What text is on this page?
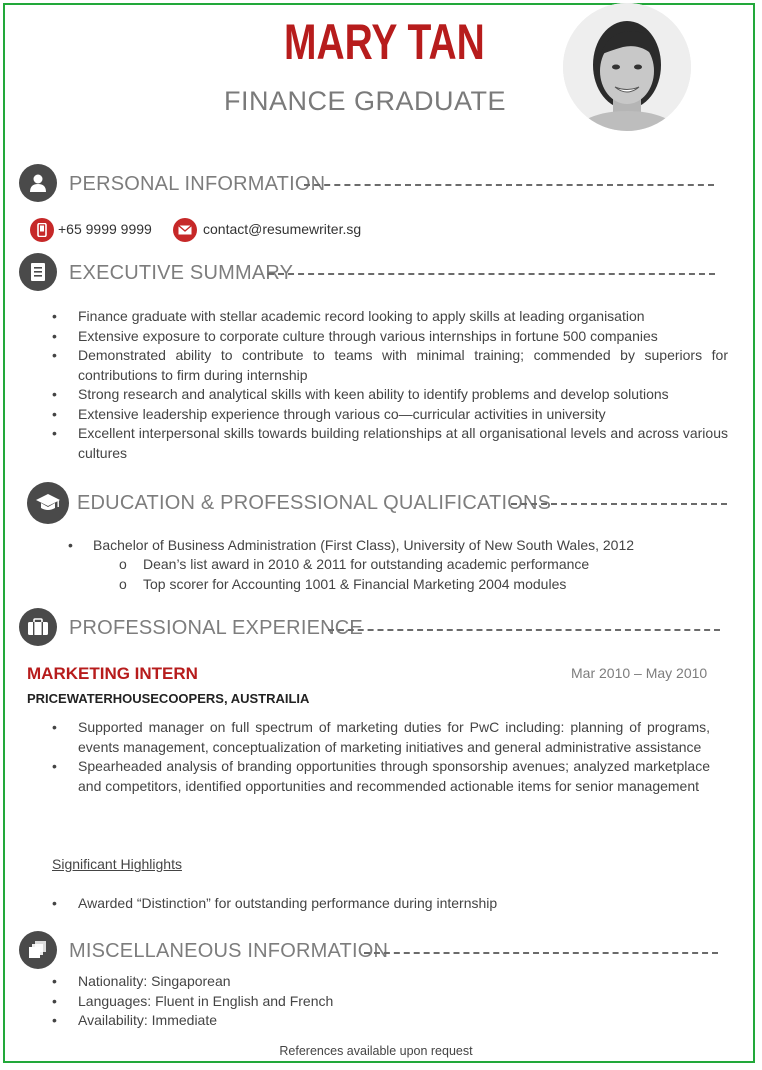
MARY TAN
FINANCE GRADUATE
PERSONAL INFORMATION
+65 9999 9999	contact@resumewriter.sg
EXECUTIVE SUMMARY
• Finance graduate with stellar academic record looking to apply skills at leading organisation
• Extensive exposure to corporate culture through various internships in fortune 500 companies
• Demonstrated ability to contribute to teams with minimal training; commended by superiors for contributions to firm during internship
• Strong research and analytical skills with keen ability to identify problems and develop solutions
• Extensive leadership experience through various co—curricular activities in university
• Excellent interpersonal skills towards building relationships at all organisational levels and across various cultures
EDUCATION & PROFESSIONAL QUALIFICATIONS
• Bachelor of Business Administration (First Class), University of New South Wales, 2012
o Dean’s list award in 2010 & 2011 for outstanding academic performance
o Top scorer for Accounting 1001 & Financial Marketing 2004 modules
PROFESSIONAL EXPERIENCE
MARKETING INTERN	Mar 2010 – May 2010
PRICEWATERHOUSECOOPERS, AUSTRAILIA
• Supported manager on full spectrum of marketing duties for PwC including: planning of programs, events management, conceptualization of marketing initiatives and general administrative assistance
• Spearheaded analysis of branding opportunities through sponsorship avenues; analyzed marketplace and competitors, identified opportunities and recommended actionable items for senior management
Significant Highlights
• Awarded “Distinction” for outstanding performance during internship
MISCELLANEOUS INFORMATION
• Nationality: Singaporean
• Languages: Fluent in English and French
• Availability: Immediate
References available upon request
